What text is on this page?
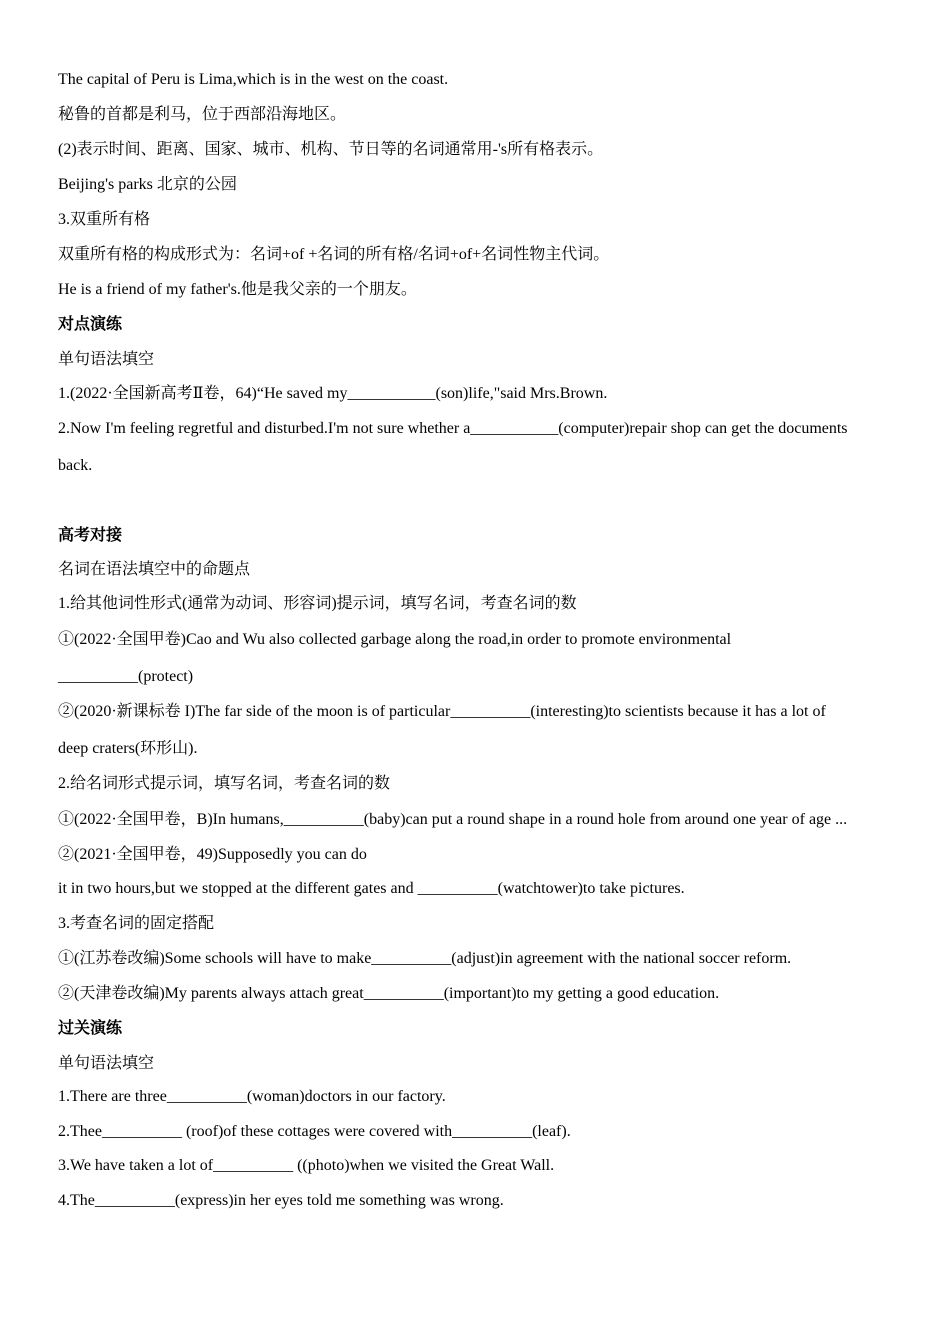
The capital of Peru is Lima,which is in the west on the coast.
秘鲁的首都是利马，位于西部沿海地区。
(2)表示时间、距离、国家、城市、机构、节日等的名词通常用-'s所有格表示。
Beijing's parks 北京的公园
3.双重所有格
双重所有格的构成形式为：名词+of +名词的所有格/名词+of+名词性物主代词。
He is a friend of my father's.他是我父亲的一个朋友。
对点演练
单句语法填空
1.(2022·全国新高考Ⅱ卷，64)“He saved my___________(son)life,"said Mrs.Brown.
2.Now I'm feeling regretful and disturbed.I'm not sure whether a___________(computer)repair shop can get the documents
back.
高考对接
名词在语法填空中的命题点
1.给其他词性形式(通常为动词、形容词)提示词，填写名词，考查名词的数
①(2022·全国甲卷)Cao and Wu also collected garbage along the road,in order to promote environmental
__________(protect)
②(2020·新课标卷 I)The far side of the moon is of particular__________(interesting)to scientists because it has a lot of
deep craters(环形山).
2.给名词形式提示词，填写名词，考查名词的数
①(2022·全国甲卷，B)In humans,__________(baby)can put a round shape in a round hole from around one year of age ...
②(2021·全国甲卷，49)Supposedly you can do
it in two hours,but we stopped at the different gates and __________(watchtower)to take pictures.
3.考查名词的固定搭配
①(江苏卷改编)Some schools will have to make__________(adjust)in agreement with the national soccer reform.
②(天津卷改编)My parents always attach great__________(important)to my getting a good education.
过关演练
单句语法填空
1.There are three__________(woman)doctors in our factory.
2.Thee__________ (roof)of these cottages were covered with__________(leaf).
3.We have taken a lot of__________ ((photo)when we visited the Great Wall.
4.The__________(express)in her eyes told me something was wrong.
